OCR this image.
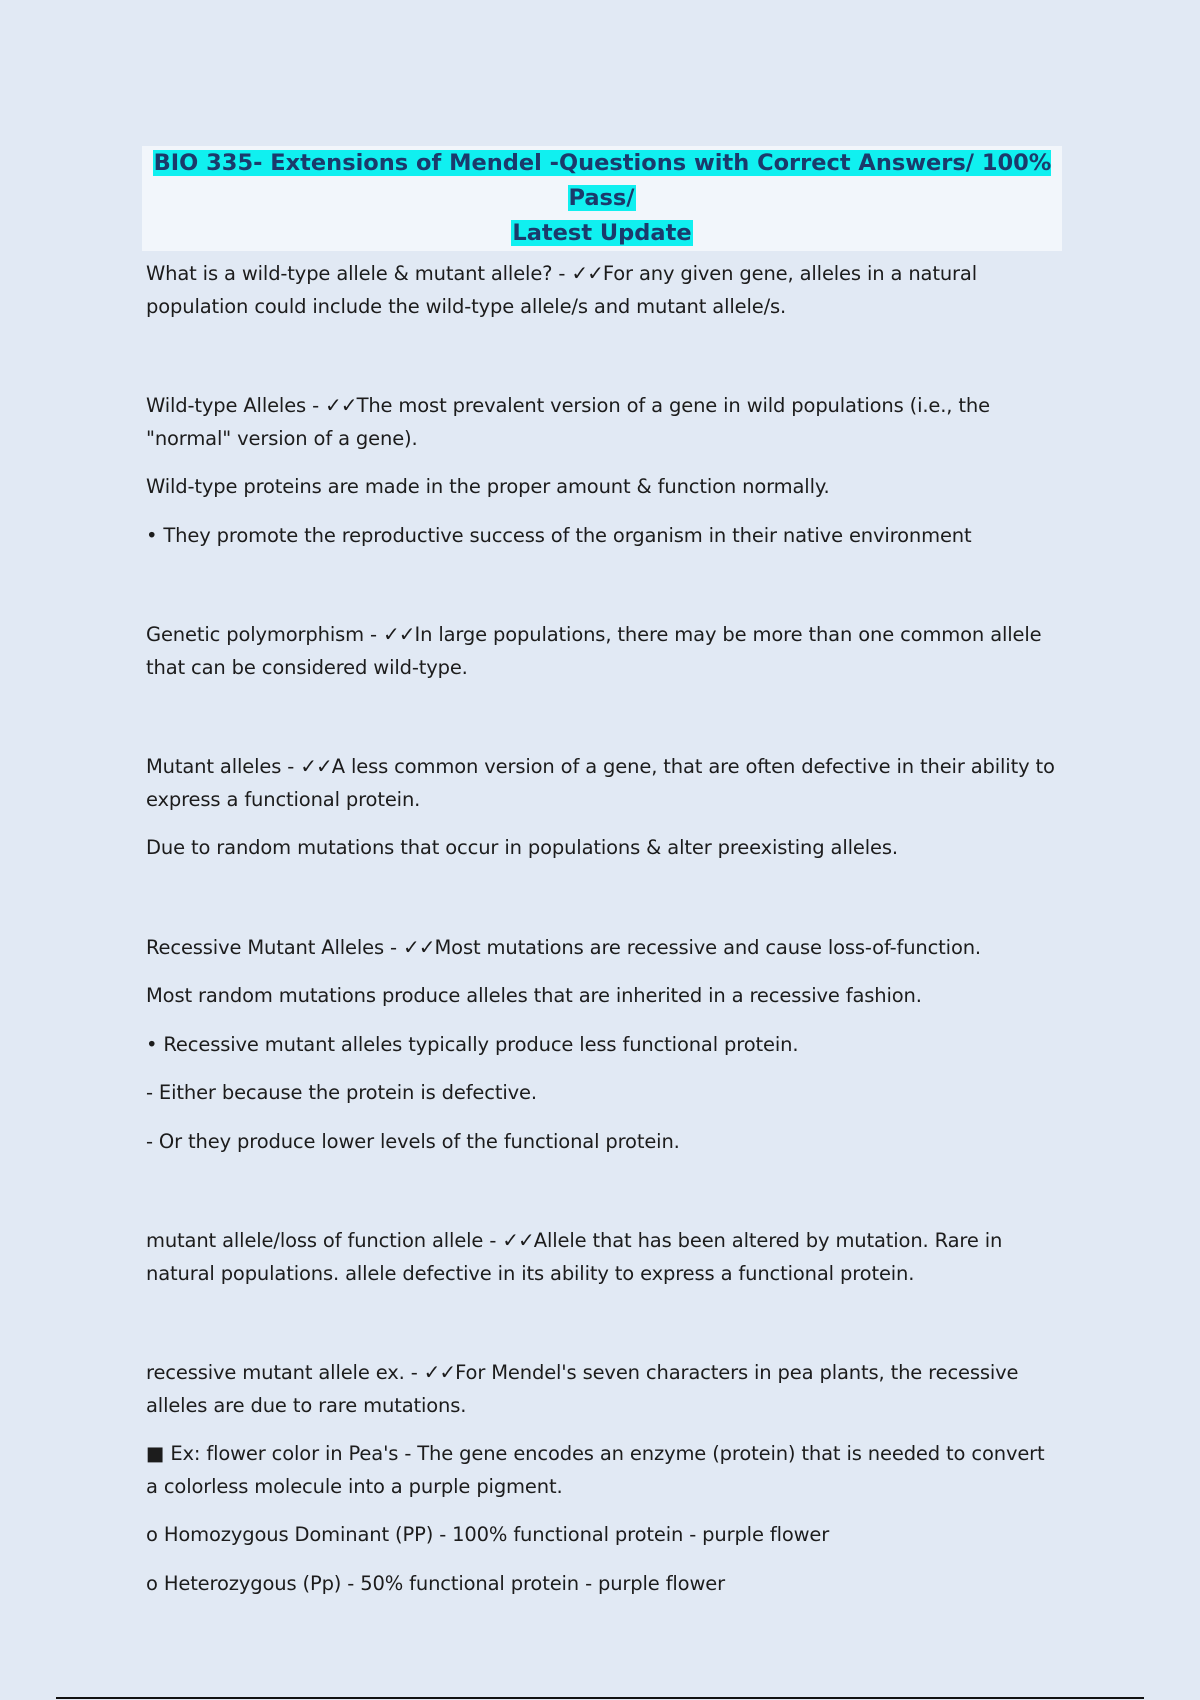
BIO 335- Extensions of Mendel -Questions with Correct Answers/ 100% Pass/
Latest Update

What is a wild-type allele & mutant allele? - ✓✓For any given gene, alleles in a natural population could include the wild-type allele/s and mutant allele/s.

Wild-type Alleles - ✓✓The most prevalent version of a gene in wild populations (i.e., the "normal" version of a gene).

Wild-type proteins are made in the proper amount & function normally.

• They promote the reproductive success of the organism in their native environment

Genetic polymorphism - ✓✓In large populations, there may be more than one common allele that can be considered wild-type.

Mutant alleles - ✓✓A less common version of a gene, that are often defective in their ability to express a functional protein.

Due to random mutations that occur in populations & alter preexisting alleles.

Recessive Mutant Alleles - ✓✓Most mutations are recessive and cause loss-of-function.

Most random mutations produce alleles that are inherited in a recessive fashion.

• Recessive mutant alleles typically produce less functional protein.

- Either because the protein is defective.

- Or they produce lower levels of the functional protein.

mutant allele/loss of function allele - ✓✓Allele that has been altered by mutation. Rare in natural populations. allele defective in its ability to express a functional protein.

recessive mutant allele ex. - ✓✓For Mendel's seven characters in pea plants, the recessive alleles are due to rare mutations.

■ Ex: flower color in Pea's - The gene encodes an enzyme (protein) that is needed to convert a colorless molecule into a purple pigment.

o Homozygous Dominant (PP) - 100% functional protein - purple flower

o Heterozygous (Pp) - 50% functional protein - purple flower
